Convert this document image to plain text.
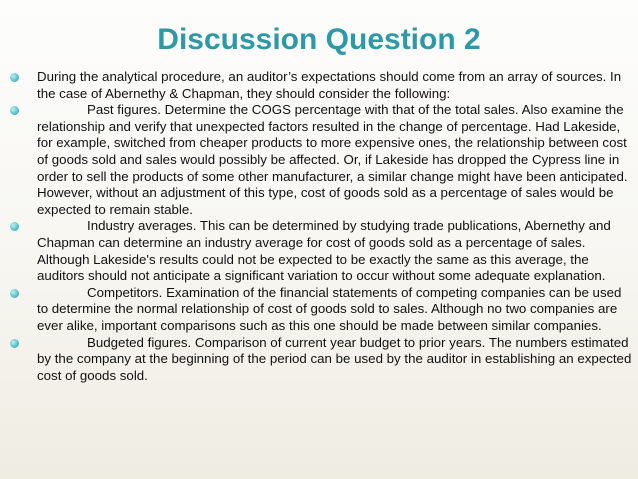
Discussion Question 2
During the analytical procedure, an auditor’s expectations should come from an array of sources. In the case of Abernethy & Chapman, they should consider the following:
Past figures. Determine the COGS percentage with that of the total sales. Also examine the relationship and verify that unexpected factors resulted in the change of percentage. Had Lakeside, for example, switched from cheaper products to more expensive ones, the relationship between cost of goods sold and sales would possibly be affected. Or, if Lakeside has dropped the Cypress line in order to sell the products of some other manufacturer, a similar change might have been anticipated. However, without an adjustment of this type, cost of goods sold as a percentage of sales would be expected to remain stable.
Industry averages. This can be determined by studying trade publications, Abernethy and Chapman can determine an industry average for cost of goods sold as a percentage of sales. Although Lakeside's results could not be expected to be exactly the same as this average, the auditors should not anticipate a significant variation to occur without some adequate explanation.
Competitors. Examination of the financial statements of competing companies can be used to determine the normal relationship of cost of goods sold to sales. Although no two companies are ever alike, important comparisons such as this one should be made between similar companies.
Budgeted figures. Comparison of current year budget to prior years. The numbers estimated by the company at the beginning of the period can be used by the auditor in establishing an expected cost of goods sold.
